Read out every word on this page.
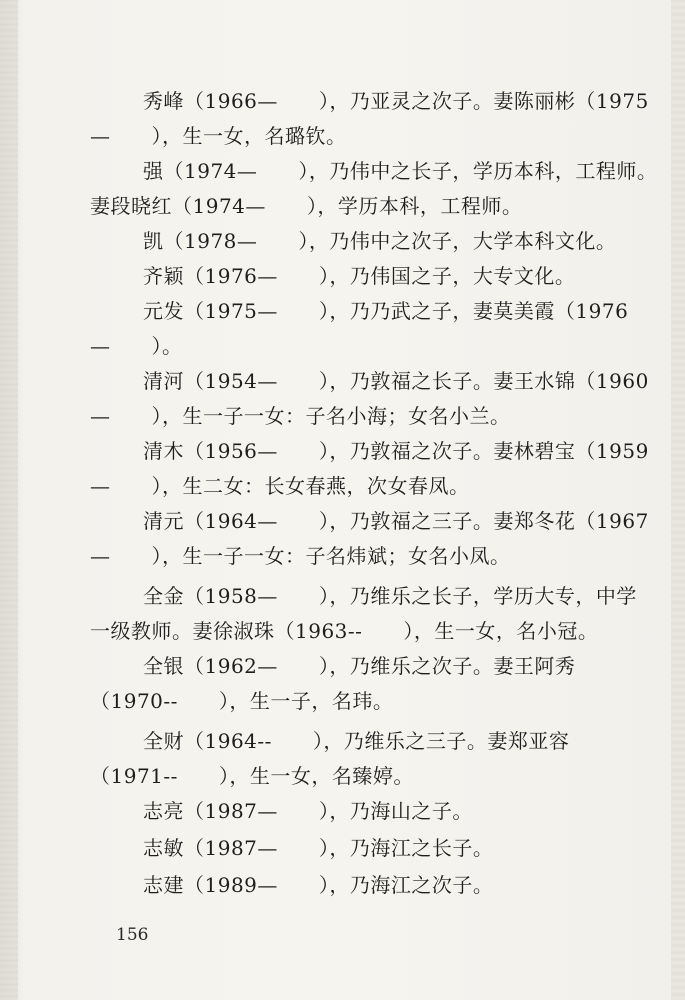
秀峰（1966—　　），乃亚灵之次子。妻陈丽彬（1975
—　　），生一女，名璐钦。
强（1974—　　），乃伟中之长子，学历本科，工程师。
妻段晓红（1974—　　），学历本科，工程师。
凯（1978—　　），乃伟中之次子，大学本科文化。
齐颖（1976—　　），乃伟国之子，大专文化。
元发（1975—　　），乃乃武之子，妻莫美霞（1976
—　　）。
清河（1954—　　），乃敦福之长子。妻王水锦（1960
—　　），生一子一女：子名小海；女名小兰。
清木（1956—　　），乃敦福之次子。妻林碧宝（1959
—　　），生二女：长女春燕，次女春凤。
清元（1964—　　），乃敦福之三子。妻郑冬花（1967
—　　），生一子一女：子名炜斌；女名小凤。
全金（1958—　　），乃维乐之长子，学历大专，中学
一级教师。妻徐淑珠（1963--　　），生一女，名小冠。
全银（1962—　　），乃维乐之次子。妻王阿秀
（1970--　　），生一子，名玮。
全财（1964--　　），乃维乐之三子。妻郑亚容
（1971--　　），生一女，名臻婷。
志亮（1987—　　），乃海山之子。
志敏（1987—　　），乃海江之长子。
志建（1989—　　），乃海江之次子。
156
